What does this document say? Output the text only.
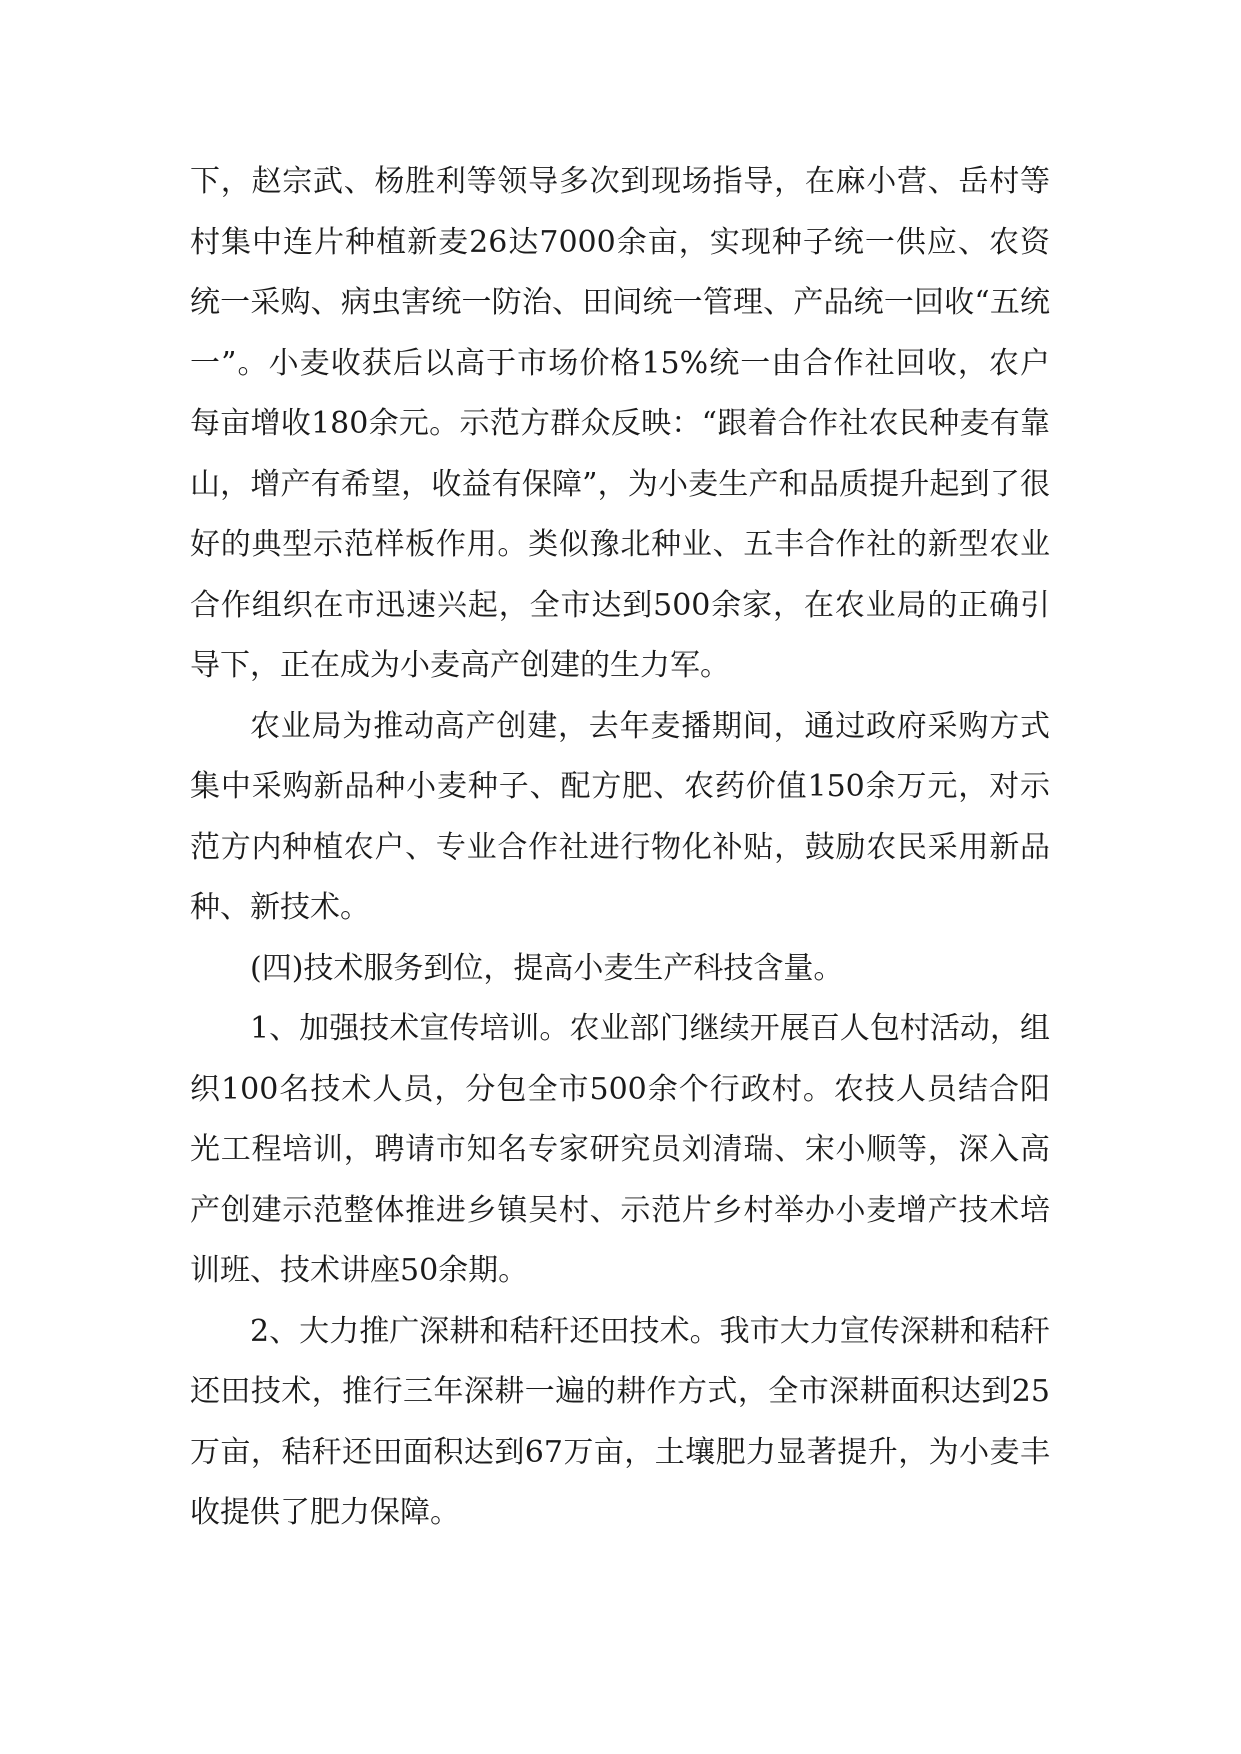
下，赵宗武、杨胜利等领导多次到现场指导，在麻小营、岳村等村集中连片种植新麦26达7000余亩，实现种子统一供应、农资统一采购、病虫害统一防治、田间统一管理、产品统一回收“五统一”。小麦收获后以高于市场价格15%统一由合作社回收，农户每亩增收180余元。示范方群众反映：“跟着合作社农民种麦有靠山，增产有希望，收益有保障”，为小麦生产和品质提升起到了很好的典型示范样板作用。类似豫北种业、五丰合作社的新型农业合作组织在市迅速兴起，全市达到500余家，在农业局的正确引导下，正在成为小麦高产创建的生力军。

农业局为推动高产创建，去年麦播期间，通过政府采购方式集中采购新品种小麦种子、配方肥、农药价值150余万元，对示范方内种植农户、专业合作社进行物化补贴，鼓励农民采用新品种、新技术。

(四)技术服务到位，提高小麦生产科技含量。

1、加强技术宣传培训。农业部门继续开展百人包村活动，组织100名技术人员，分包全市500余个行政村。农技人员结合阳光工程培训，聘请市知名专家研究员刘清瑞、宋小顺等，深入高产创建示范整体推进乡镇吴村、示范片乡村举办小麦增产技术培训班、技术讲座50余期。

2、大力推广深耕和秸秆还田技术。我市大力宣传深耕和秸秆还田技术，推行三年深耕一遍的耕作方式，全市深耕面积达到25万亩，秸秆还田面积达到67万亩，土壤肥力显著提升，为小麦丰收提供了肥力保障。
